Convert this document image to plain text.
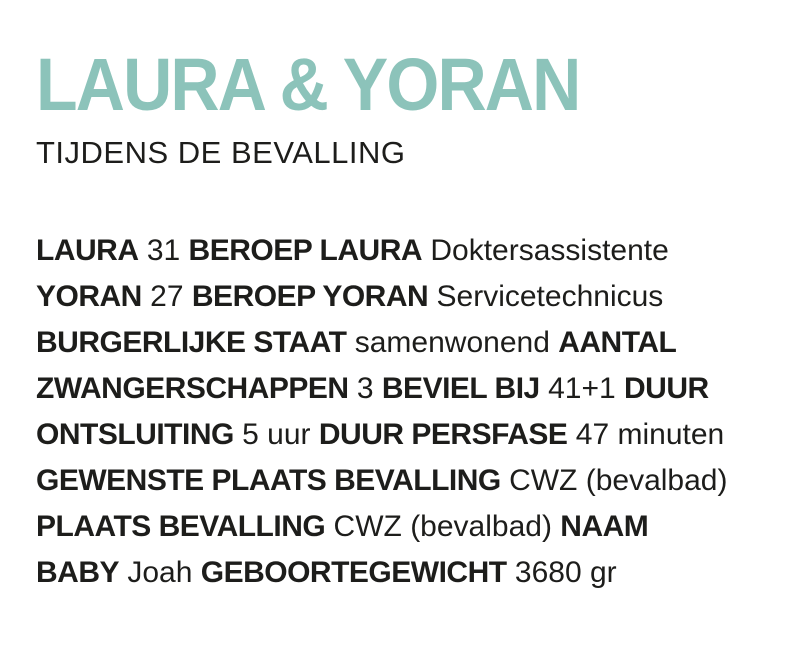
LAURA & YORAN
TIJDENS DE BEVALLING
LAURA 31 BEROEP LAURA Doktersassistente
YORAN 27 BEROEP YORAN Servicetechnicus
BURGERLIJKE STAAT samenwonend AANTAL
ZWANGERSCHAPPEN 3 BEVIEL BIJ 41+1 DUUR
ONTSLUITING 5 uur DUUR PERSFASE 47 minuten
GEWENSTE PLAATS BEVALLING CWZ (bevalbad)
PLAATS BEVALLING CWZ (bevalbad) NAAM
BABY Joah GEBOORTEGEWICHT 3680 gr
